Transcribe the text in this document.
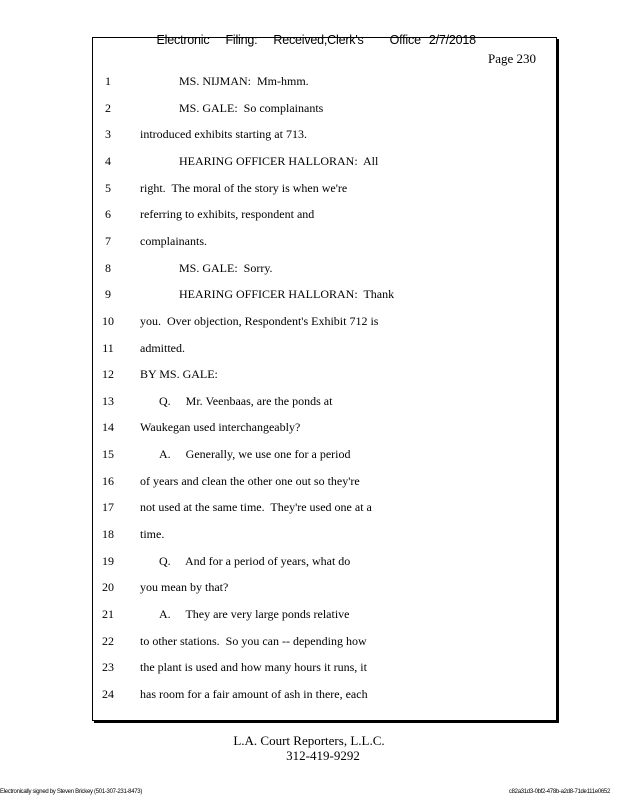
Electronic Filing: Received,Clerk's Office 2/7/2018

Page 230
1	MS. NIJMAN:  Mm-hmm.
2	MS. GALE:  So complainants
3	introduced exhibits starting at 713.
4	HEARING OFFICER HALLORAN:  All
5	right.  The moral of the story is when we're
6	referring to exhibits, respondent and
7	complainants.
8	MS. GALE:  Sorry.
9	HEARING OFFICER HALLORAN:  Thank
10	you.  Over objection, Respondent's Exhibit 712 is
11	admitted.
12	BY MS. GALE:
13	Q.     Mr. Veenbaas, are the ponds at
14	Waukegan used interchangeably?
15	A.     Generally, we use one for a period
16	of years and clean the other one out so they're
17	not used at the same time.  They're used one at a
18	time.
19	Q.     And for a period of years, what do
20	you mean by that?
21	A.     They are very large ponds relative
22	to other stations.  So you can -- depending how
23	the plant is used and how many hours it runs, it
24	has room for a fair amount of ash in there, each
L.A. Court Reporters, L.L.C.
312-419-9292
Electronically signed by Steven Brickey (501-307-231-8473)	c82a31d3-0bf2-478b-a2d8-71de111e0652
